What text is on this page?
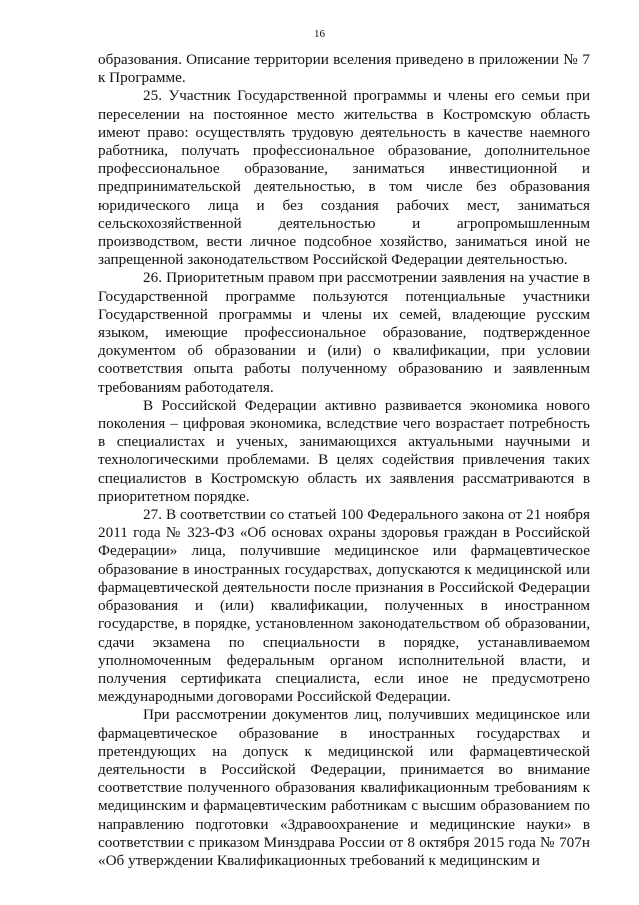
16

образования. Описание территории вселения приведено в приложении № 7 к Программе.

25. Участник Государственной программы и члены его семьи при переселении на постоянное место жительства в Костромскую область имеют право: осуществлять трудовую деятельность в качестве наемного работника, получать профессиональное образование, дополнительное профессиональное образование, заниматься инвестиционной и предпринимательской деятельностью, в том числе без образования юридического лица и без создания рабочих мест, заниматься сельскохозяйственной деятельностью и агропромышленным производством, вести личное подсобное хозяйство, заниматься иной не запрещенной законодательством Российской Федерации деятельностью.

26. Приоритетным правом при рассмотрении заявления на участие в Государственной программе пользуются потенциальные участники Государственной программы и члены их семей, владеющие русским языком, имеющие профессиональное образование, подтвержденное документом об образовании и (или) о квалификации, при условии соответствия опыта работы полученному образованию и заявленным требованиям работодателя.

В Российской Федерации активно развивается экономика нового поколения – цифровая экономика, вследствие чего возрастает потребность в специалистах и ученых, занимающихся актуальными научными и технологическими проблемами. В целях содействия привлечения таких специалистов в Костромскую область их заявления рассматриваются в приоритетном порядке.

27. В соответствии со статьей 100 Федерального закона от 21 ноября 2011 года № 323-ФЗ «Об основах охраны здоровья граждан в Российской Федерации» лица, получившие медицинское или фармацевтическое образование в иностранных государствах, допускаются к медицинской или фармацевтической деятельности после признания в Российской Федерации образования и (или) квалификации, полученных в иностранном государстве, в порядке, установленном законодательством об образовании, сдачи экзамена по специальности в порядке, устанавливаемом уполномоченным федеральным органом исполнительной власти, и получения сертификата специалиста, если иное не предусмотрено международными договорами Российской Федерации.

При рассмотрении документов лиц, получивших медицинское или фармацевтическое образование в иностранных государствах и претендующих на допуск к медицинской или фармацевтической деятельности в Российской Федерации, принимается во внимание соответствие полученного образования квалификационным требованиям к медицинским и фармацевтическим работникам с высшим образованием по направлению подготовки «Здравоохранение и медицинские науки» в соответствии с приказом Минздрава России от 8 октября 2015 года № 707н «Об утверждении Квалификационных требований к медицинским и
